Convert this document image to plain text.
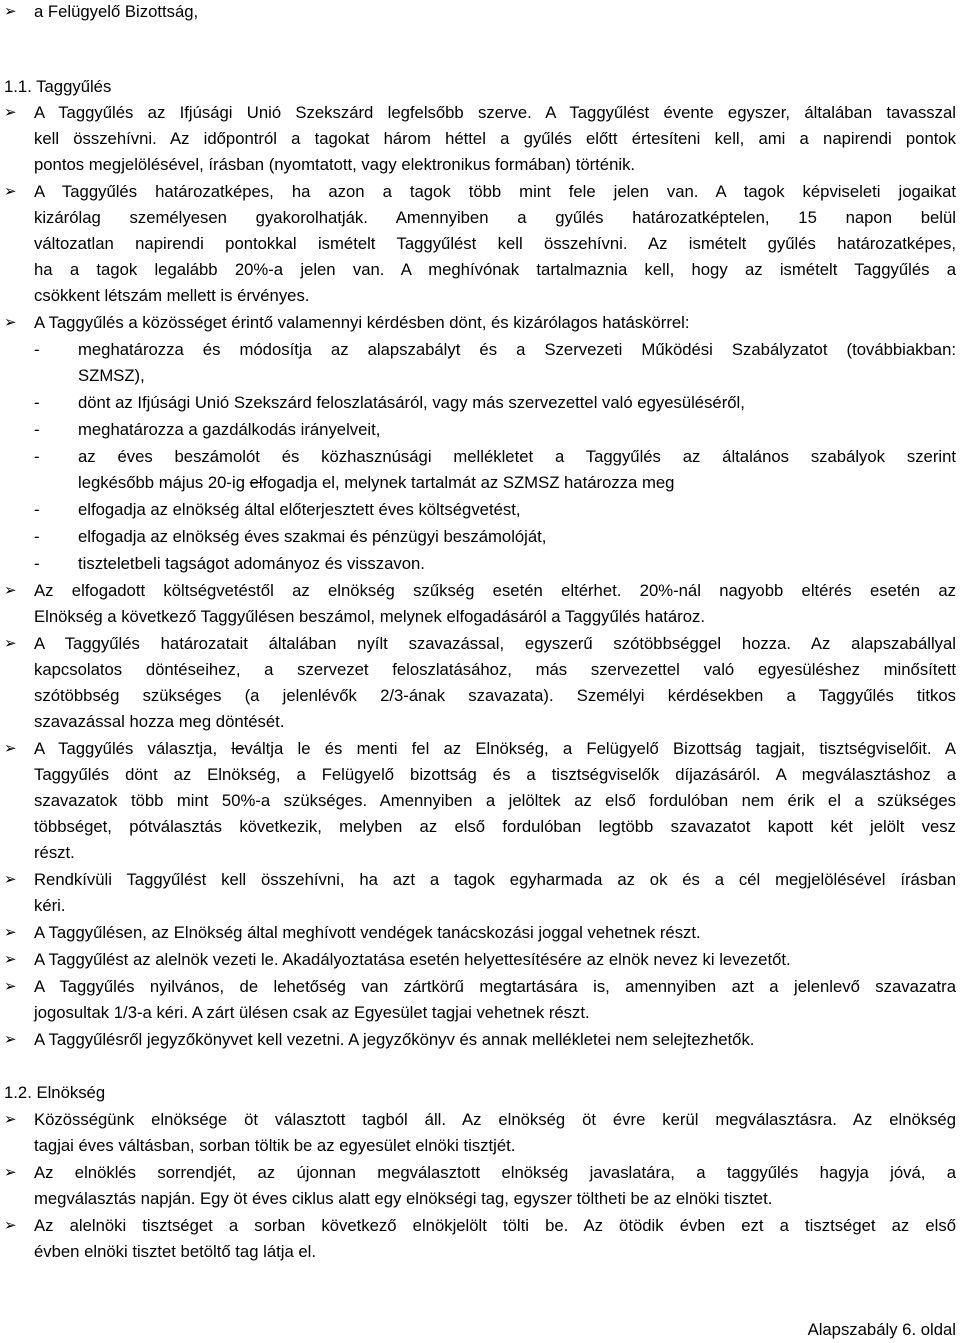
➢ a Felügyelő Bizottság,
1.1. Taggyűlés
➢ A Taggyűlés az Ifjúsági Unió Szekszárd legfelsőbb szerve. A Taggyűlést évente egyszer, általában tavasszal
kell összehívni. Az időpontról a tagokat három héttel a gyűlés előtt értesíteni kell, ami a napirendi pontok
pontos megjelölésével, írásban (nyomtatott, vagy elektronikus formában) történik.
➢ A Taggyűlés határozatképes, ha azon a tagok több mint fele jelen van. A tagok képviseleti jogaikat
kizárólag személyesen gyakorolhatják. Amennyiben a gyűlés határozatképtelen, 15 napon belül
változatlan napirendi pontokkal ismételt Taggyűlést kell összehívni. Az ismételt gyűlés határozatképes,
ha a tagok legalább 20%-a jelen van. A meghívónak tartalmaznia kell, hogy az ismételt Taggyűlés a
csökkent létszám mellett is érvényes.
➢ A Taggyűlés a közösséget érintő valamennyi kérdésben dönt, és kizárólagos hatáskörrel:
- meghatározza és módosítja az alapszabályt és a Szervezeti Működési Szabályzatot (továbbiakban:
SZMSZ),
- dönt az Ifjúsági Unió Szekszárd feloszlatásáról, vagy más szervezettel való egyesüléséről,
- meghatározza a gazdálkodás irányelveit,
- az éves beszámolót és közhasznúsági mellékletet a Taggyűlés az általános szabályok szerint
legkésőbb május 20-ig elfogadja el, melynek tartalmát az SZMSZ határozza meg
- elfogadja az elnökség által előterjesztett éves költségvetést,
- elfogadja az elnökség éves szakmai és pénzügyi beszámolóját,
- tiszteletbeli tagságot adományoz és visszavon.
➢ Az elfogadott költségvetéstől az elnökség szűkség esetén eltérhet. 20%-nál nagyobb eltérés esetén az
Elnökség a következő Taggyűlésen beszámol, melynek elfogadásáról a Taggyűlés határoz.
➢ A Taggyűlés határozatait általában nyílt szavazással, egyszerű szótöbbséggel hozza. Az alapszabállyal
kapcsolatos döntéseihez, a szervezet feloszlatásához, más szervezettel való egyesüléshez minősített
szótöbbség szükséges (a jelenlévők 2/3-ának szavazata). Személyi kérdésekben a Taggyűlés titkos
szavazással hozza meg döntését.
➢ A Taggyűlés választja, leváltja le és menti fel az Elnökség, a Felügyelő Bizottság tagjait, tisztségviselőit. A
Taggyűlés dönt az Elnökség, a Felügyelő bizottság és a tisztségviselők díjazásáról. A megválasztáshoz a
szavazatok több mint 50%-a szükséges. Amennyiben a jelöltek az első fordulóban nem érik el a szükséges
többséget, pótválasztás következik, melyben az első fordulóban legtöbb szavazatot kapott két jelölt vesz
részt.
➢ Rendkívüli Taggyűlést kell összehívni, ha azt a tagok egyharmada az ok és a cél megjelölésével írásban
kéri.
➢ A Taggyűlésen, az Elnökség által meghívott vendégek tanácskozási joggal vehetnek részt.
➢ A Taggyűlést az alelnök vezeti le. Akadályoztatása esetén helyettesítésére az elnök nevez ki levezetőt.
➢ A Taggyűlés nyilvános, de lehetőség van zártkörű megtartására is, amennyiben azt a jelenlevő szavazatra
jogosultak 1/3-a kéri. A zárt ülésen csak az Egyesület tagjai vehetnek részt.
➢ A Taggyűlésről jegyzőkönyvet kell vezetni. A jegyzőkönyv és annak mellékletei nem selejtezhetők.
1.2. Elnökség
➢ Közösségünk elnöksége öt választott tagból áll. Az elnökség öt évre kerül megválasztásra. Az elnökség
tagjai éves váltásban, sorban töltik be az egyesület elnöki tisztjét.
➢ Az elnöklés sorrendjét, az újonnan megválasztott elnökség javaslatára, a taggyűlés hagyja jóvá, a
megválasztás napján. Egy öt éves ciklus alatt egy elnökségi tag, egyszer töltheti be az elnöki tisztet.
➢ Az alelnöki tisztséget a sorban következő elnökjelölt tölti be. Az ötödik évben ezt a tisztséget az első
évben elnöki tisztet betöltő tag látja el.
Alapszabály 6. oldal
